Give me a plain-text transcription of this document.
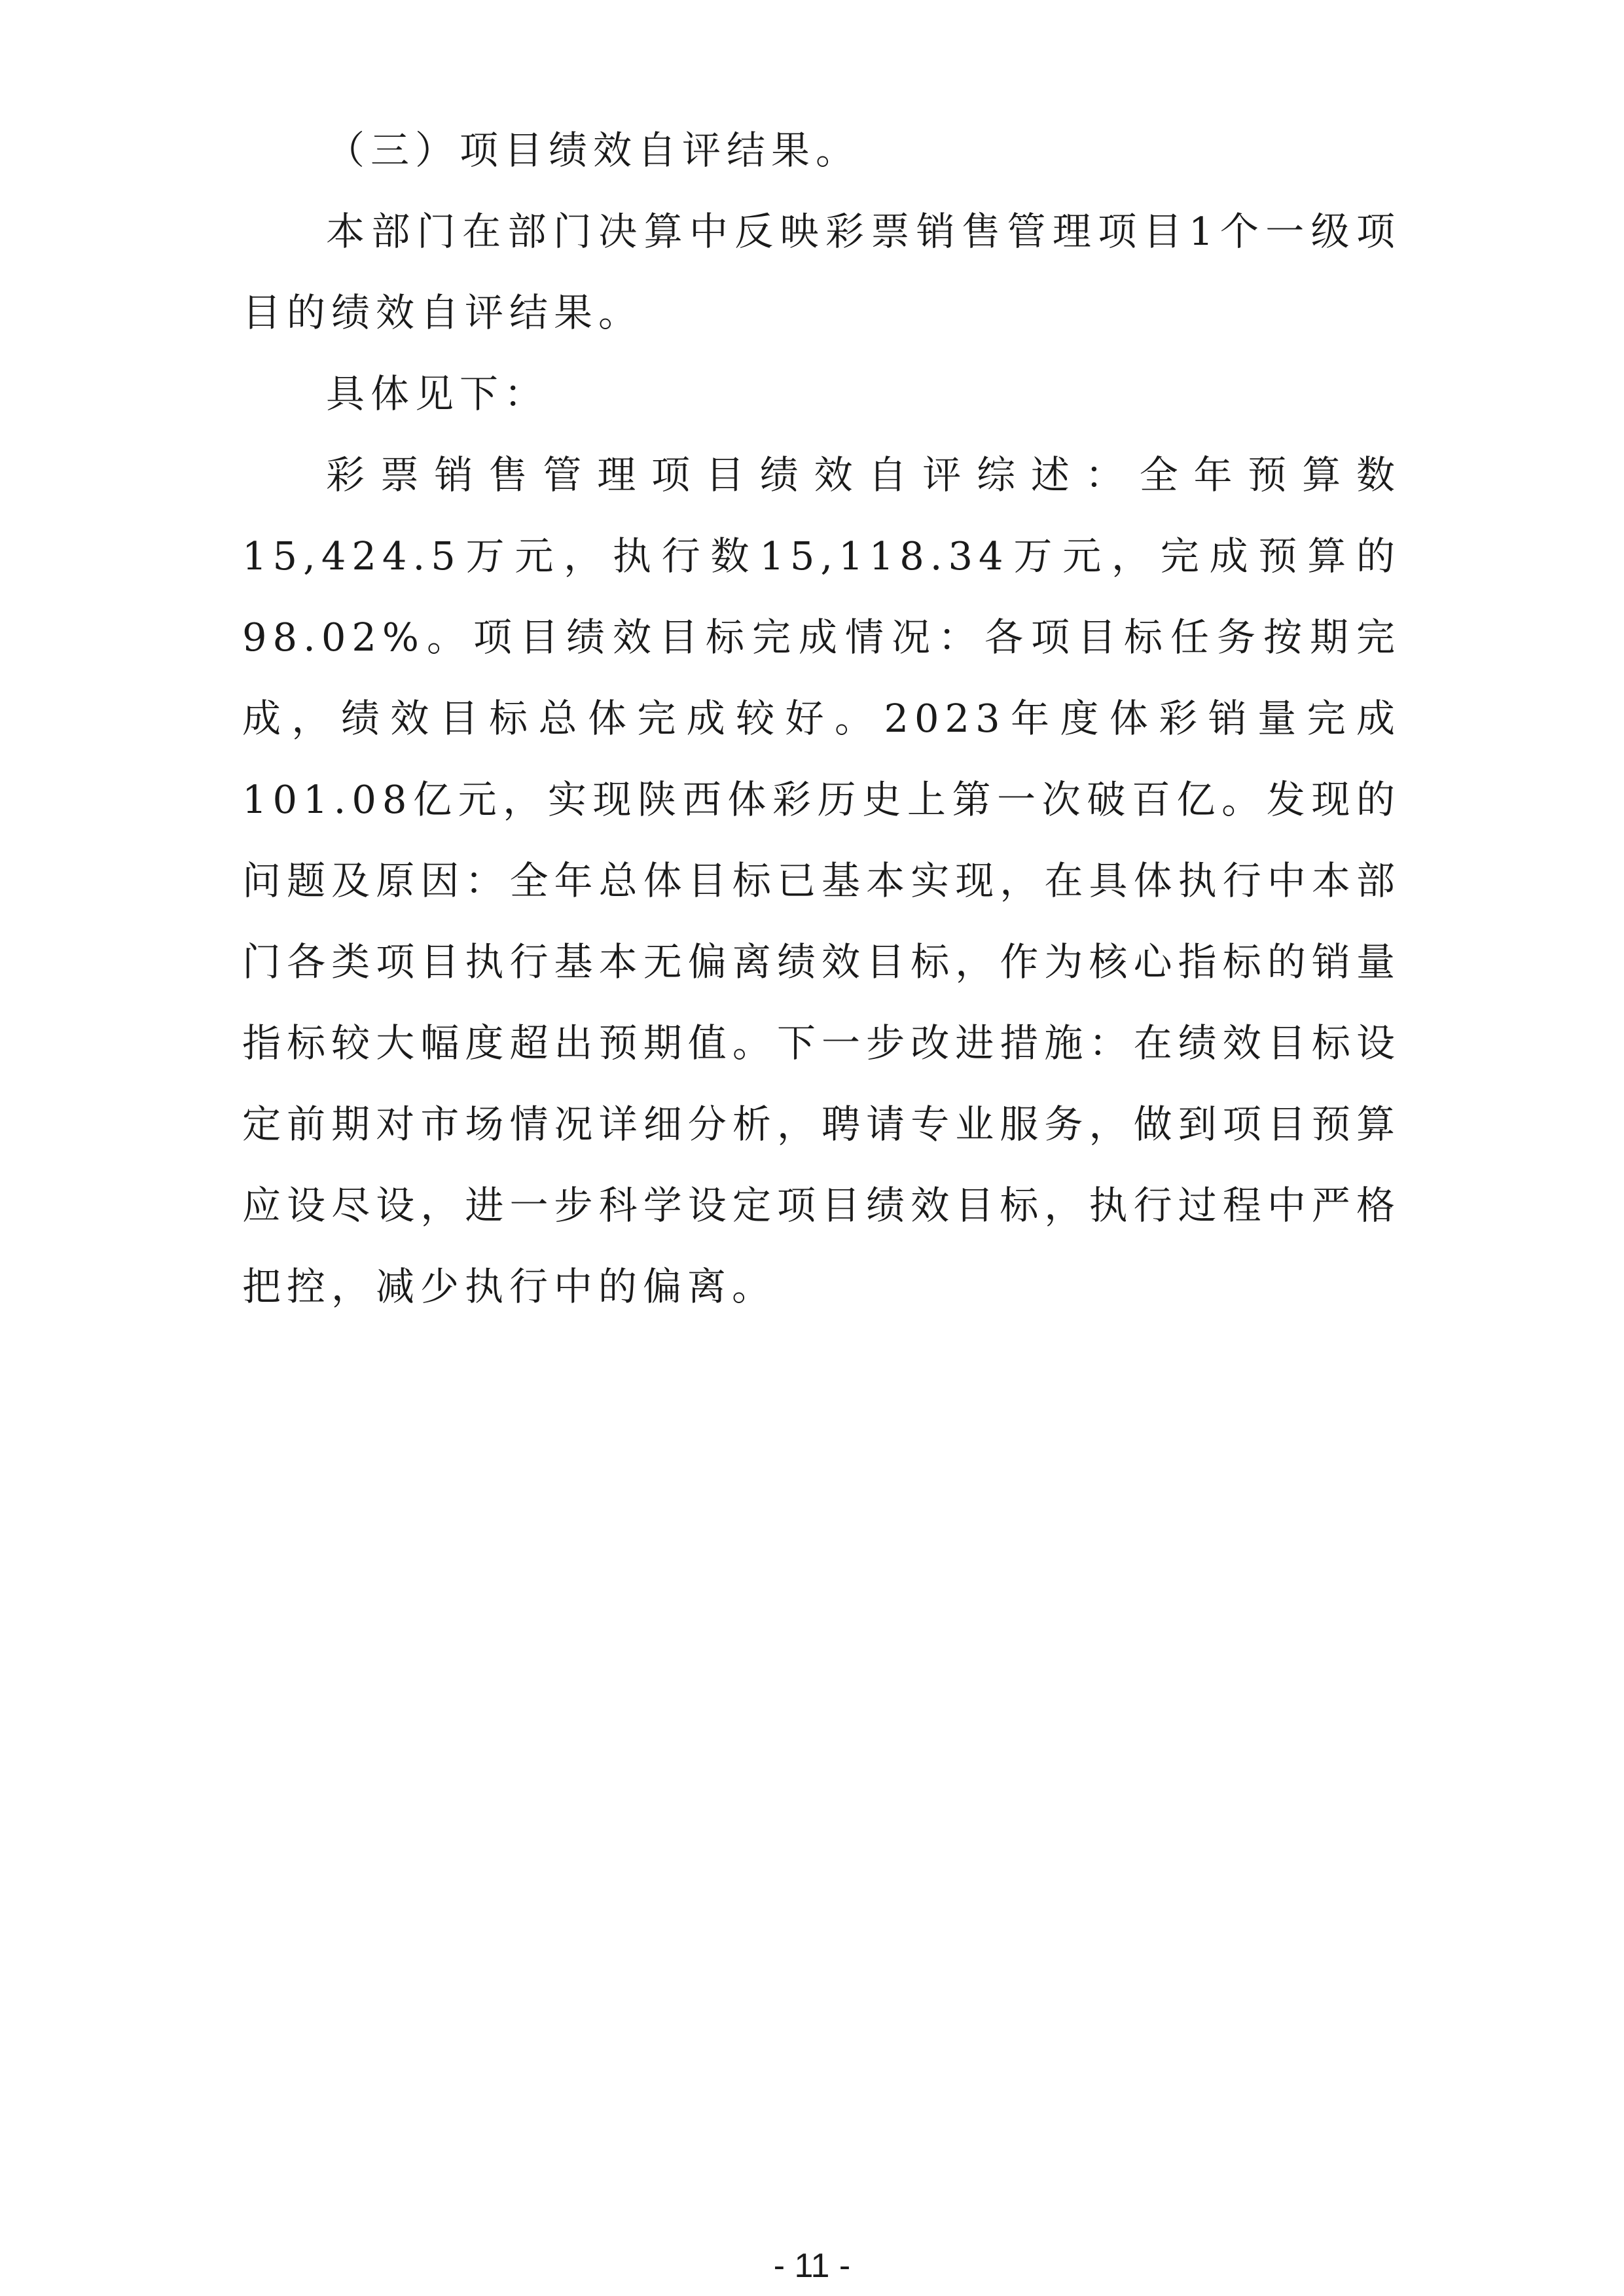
（三）项目绩效自评结果。

本部门在部门决算中反映彩票销售管理项目1个一级项目的绩效自评结果。

具体见下：

彩票销售管理项目绩效自评综述：全年预算数15,424.5万元，执行数15,118.34万元，完成预算的98.02%。项目绩效目标完成情况：各项目标任务按期完成，绩效目标总体完成较好。2023年度体彩销量完成101.08亿元，实现陕西体彩历史上第一次破百亿。发现的问题及原因：全年总体目标已基本实现，在具体执行中本部门各类项目执行基本无偏离绩效目标，作为核心指标的销量指标较大幅度超出预期值。下一步改进措施：在绩效目标设定前期对市场情况详细分析，聘请专业服务，做到项目预算应设尽设，进一步科学设定项目绩效目标，执行过程中严格把控，减少执行中的偏离。

- 11 -
